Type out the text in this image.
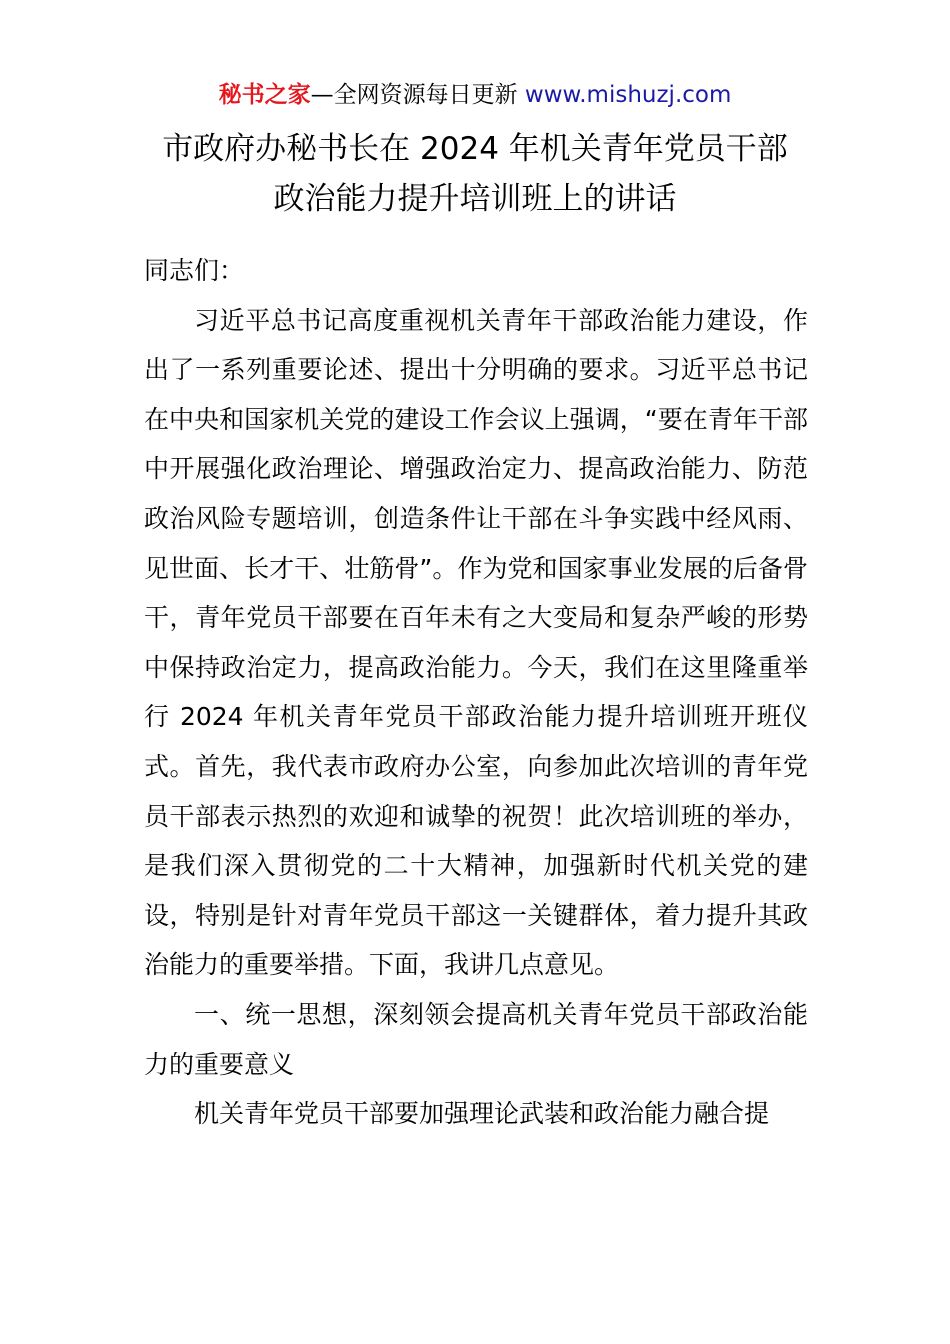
秘书之家—全网资源每日更新 www.mishuzj.com
市政府办秘书长在 2024 年机关青年党员干部
政治能力提升培训班上的讲话

同志们：

习近平总书记高度重视机关青年干部政治能力建设，作出了一系列重要论述、提出十分明确的要求。习近平总书记在中央和国家机关党的建设工作会议上强调，“要在青年干部中开展强化政治理论、增强政治定力、提高政治能力、防范政治风险专题培训，创造条件让干部在斗争实践中经风雨、见世面、长才干、壮筋骨”。作为党和国家事业发展的后备骨干，青年党员干部要在百年未有之大变局和复杂严峻的形势中保持政治定力，提高政治能力。今天，我们在这里隆重举行 2024 年机关青年党员干部政治能力提升培训班开班仪式。首先，我代表市政府办公室，向参加此次培训的青年党员干部表示热烈的欢迎和诚挚的祝贺！此次培训班的举办，是我们深入贯彻党的二十大精神，加强新时代机关党的建设，特别是针对青年党员干部这一关键群体，着力提升其政治能力的重要举措。下面，我讲几点意见。

一、统一思想，深刻领会提高机关青年党员干部政治能力的重要意义

机关青年党员干部要加强理论武装和政治能力融合提
